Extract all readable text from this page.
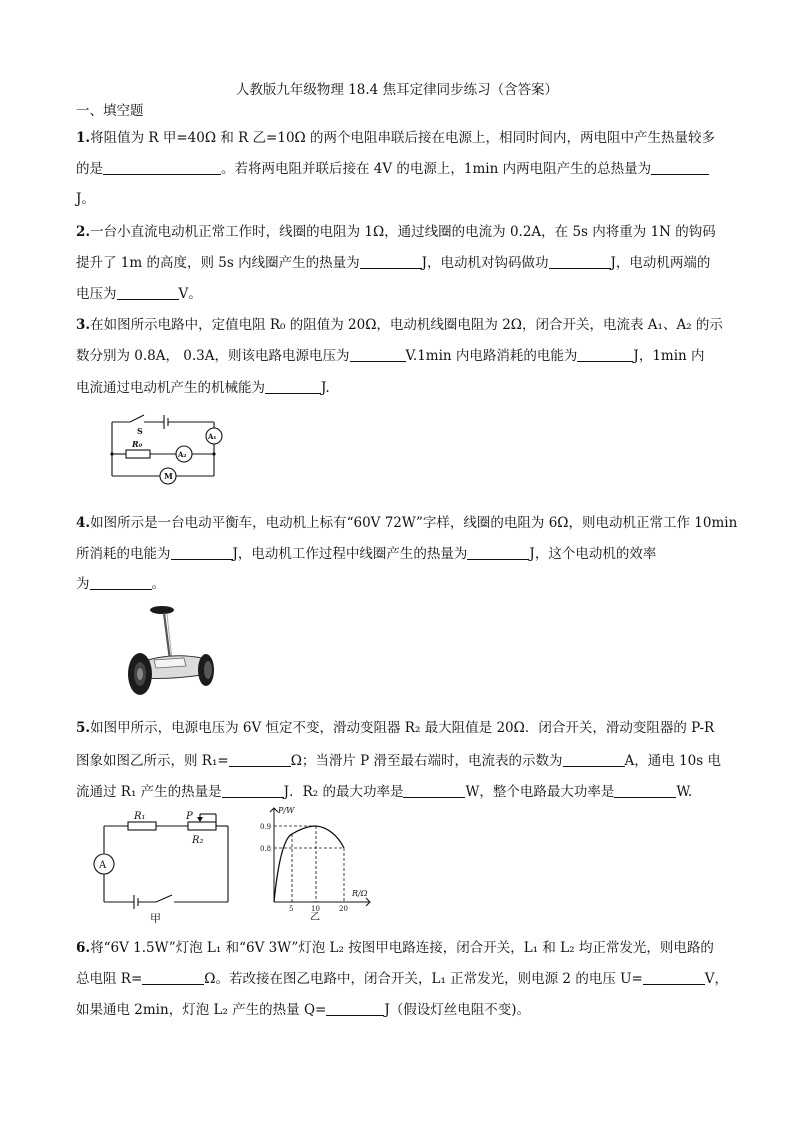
人教版九年级物理 18.4 焦耳定律同步练习（含答案）
一、填空题
1.将阻值为 R 甲=40Ω 和 R 乙=10Ω 的两个电阻串联后接在电源上，相同时间内，两电阻中产生热量较多
的是	。若将两电阻并联后接在 4V 的电源上，1min 内两电阻产生的总热量为
J。
2.一台小直流电动机正常工作时，线圈的电阻为 1Ω，通过线圈的电流为 0.2A，在 5s 内将重为 1N 的钩码
提升了 1m 的高度，则 5s 内线圈产生的热量为	J，电动机对钩码做功	J，电动机两端的
电压为	V。
3.在如图所示电路中，定值电阻 R₀ 的阻值为 20Ω，电动机线圈电阻为 2Ω，闭合开关，电流表 A₁、A₂ 的示
数分别为 0.8A， 0.3A，则该电路电源电压为	V.1min 内电路消耗的电能为	J，1min 内
电流通过电动机产生的机械能为	J.
S
R₀
A₁
A₂
M
4.如图所示是一台电动平衡车，电动机上标有“60V 72W”字样，线圈的电阻为 6Ω，则电动机正常工作 10min
所消耗的电能为	J，电动机工作过程中线圈产生的热量为	J，这个电动机的效率
为	。
5.如图甲所示，电源电压为 6V 恒定不变，滑动变阻器 R₂ 最大阻值是 20Ω．闭合开关，滑动变阻器的 P-R
图象如图乙所示，则 R₁=	Ω；当滑片 P 滑至最右端时，电流表的示数为	A，通电 10s 电
流通过 R₁ 产生的热量是	J．R₂ 的最大功率是	W，整个电路最大功率是	W.
R₁	P
R₂
A
甲
P/W
R/Ω
0.9
0.8
5	10	20
乙
6.将“6V 1.5W”灯泡 L₁ 和“6V 3W”灯泡 L₂ 按图甲电路连接，闭合开关，L₁ 和 L₂ 均正常发光，则电路的
总电阻 R=	Ω。若改接在图乙电路中，闭合开关，L₁ 正常发光，则电源 2 的电压 U=	V，
如果通电 2min，灯泡 L₂ 产生的热量 Q=	J（假设灯丝电阻不变)。
